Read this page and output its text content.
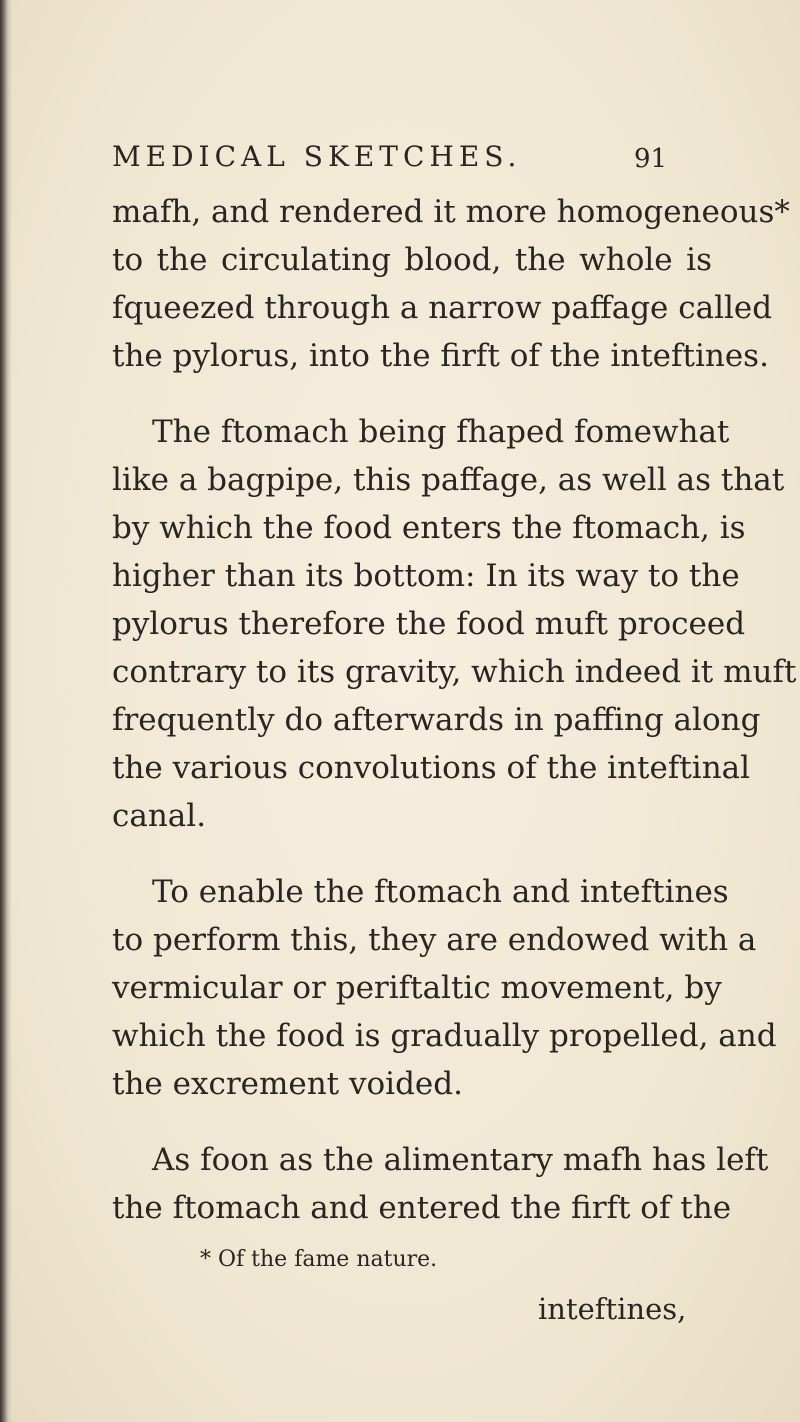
MEDICAL SKETCHES.	91

mafh, and rendered it more homogeneous*
to the circulating blood, the whole is
fqueezed through a narrow paffage called
the pylorus, into the firft of the inteftines.

The ftomach being fhaped fomewhat
like a bagpipe, this paffage, as well as that
by which the food enters the ftomach, is
higher than its bottom: In its way to the
pylorus therefore the food muft proceed
contrary to its gravity, which indeed it muft
frequently do afterwards in paffing along
the various convolutions of the inteftinal
canal.

To enable the ftomach and inteftines
to perform this, they are endowed with a
vermicular or periftaltic movement, by
which the food is gradually propelled, and
the excrement voided.

As foon as the alimentary mafh has left
the ftomach and entered the firft of the

* Of the fame nature.
inteftines,
